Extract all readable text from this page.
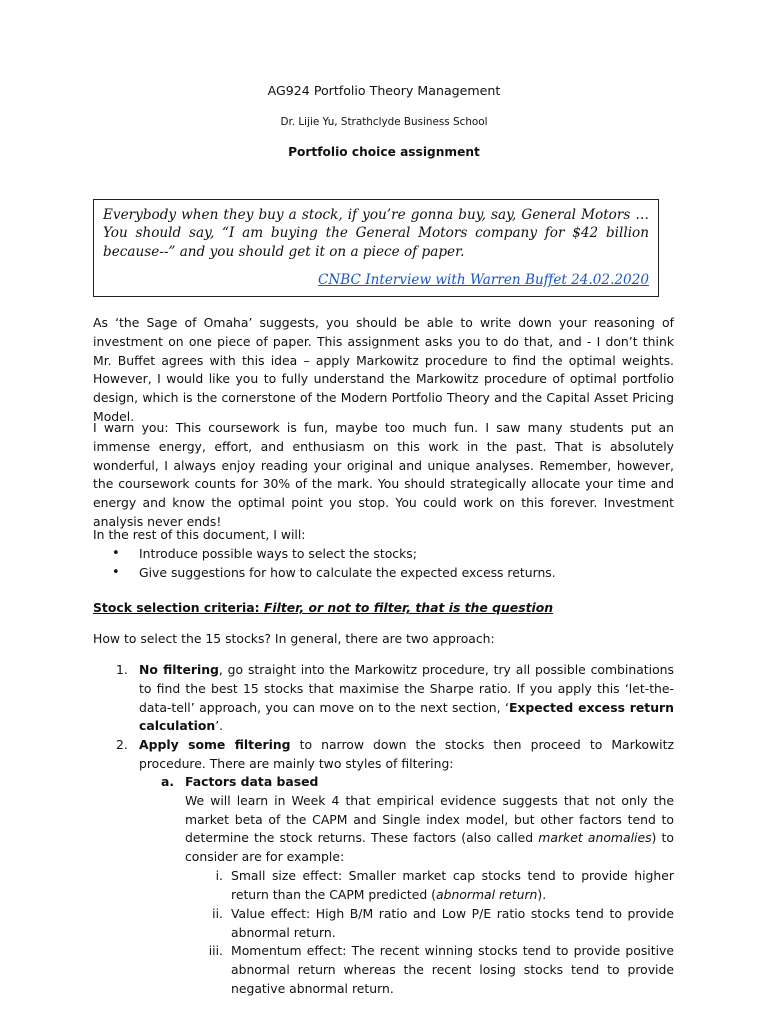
AG924 Portfolio Theory Management
Dr. Lijie Yu, Strathclyde Business School
Portfolio choice assignment
Everybody when they buy a stock, if you’re gonna buy, say, General Motors … You should say, “I am buying the General Motors company for $42 billion because--” and you should get it on a piece of paper.
CNBC Interview with Warren Buffet 24.02.2020

As ‘the Sage of Omaha’ suggests, you should be able to write down your reasoning of investment on one piece of paper. This assignment asks you to do that, and - I don’t think Mr. Buffet agrees with this idea – apply Markowitz procedure to find the optimal weights. However, I would like you to fully understand the Markowitz procedure of optimal portfolio design, which is the cornerstone of the Modern Portfolio Theory and the Capital Asset Pricing Model.

I warn you: This coursework is fun, maybe too much fun. I saw many students put an immense energy, effort, and enthusiasm on this work in the past. That is absolutely wonderful, I always enjoy reading your original and unique analyses. Remember, however, the coursework counts for 30% of the mark. You should strategically allocate your time and energy and know the optimal point you stop. You could work on this forever. Investment analysis never ends!

In the rest of this document, I will:

• Introduce possible ways to select the stocks;
• Give suggestions for how to calculate the expected excess returns.
Stock selection criteria: Filter, or not to filter, that is the question

How to select the 15 stocks? In general, there are two approach:

1. No filtering, go straight into the Markowitz procedure, try all possible combinations to find the best 15 stocks that maximise the Sharpe ratio. If you apply this ‘let-the-data-tell’ approach, you can move on to the next section, ‘Expected excess return calculation’.
2. Apply some filtering to narrow down the stocks then proceed to Markowitz procedure. There are mainly two styles of filtering:
a. Factors data based
We will learn in Week 4 that empirical evidence suggests that not only the market beta of the CAPM and Single index model, but other factors tend to determine the stock returns. These factors (also called market anomalies) to consider are for example:
i. Small size effect: Smaller market cap stocks tend to provide higher return than the CAPM predicted (abnormal return).
ii. Value effect: High B/M ratio and Low P/E ratio stocks tend to provide abnormal return.
iii. Momentum effect: The recent winning stocks tend to provide positive abnormal return whereas the recent losing stocks tend to provide negative abnormal return.
